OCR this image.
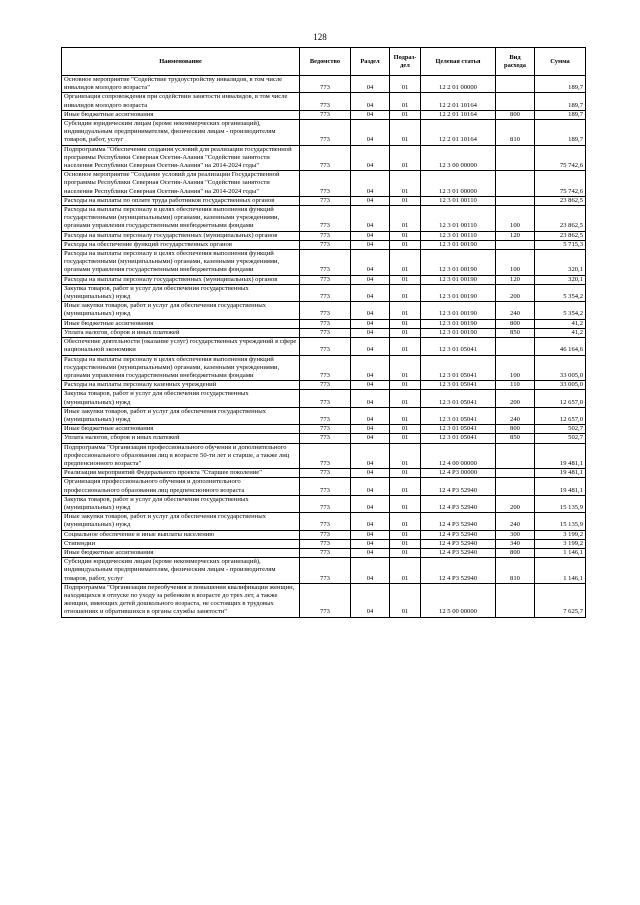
128
Наименование	Ведомство	Раздел	Подраз-
дел	Целевая статья	Вид расхода	Сумма
Основное мероприятие "Содействие трудоустройству инвалидов, в том числе инвалидов молодого возраста"	773	04	01	12 2 01 00000		189,7
Организация сопровождения при содействии занятости инвалидов, в том числе инвалидов молодого возраста	773	04	01	12 2 01 10164		189,7
Иные бюджетные ассигнования	773	04	01	12 2 01 10164	800	189,7
Субсидии юридическим лицам (кроме некоммерческих организаций), индивидуальным предпринимателям, физическим лицам - производителям товаров, работ, услуг	773	04	01	12 2 01 10164	810	189,7
Подпрограмма "Обеспечение создания условий для реализации государственной программы Республики Северная Осетия-Алания "Содействие занятости населения Республики Северная Осетия-Алания" на 2014-2024 годы"	773	04	01	12 3 00 00000		75 742,6
Основное мероприятие "Создание условий для реализации Государственной программы Республики Северная Осетия-Алания "Содействие занятости населения Республики Северная Осетия-Алания" на 2014-2024 годы"	773	04	01	12 3 01 00000		75 742,6
Расходы на выплаты по оплате труда работников государственных органов	773	04	01	12 3 01 00110		23 862,5
Расходы на выплаты персоналу в целях обеспечения выполнения функций государственными (муниципальными) органами, казенными учреждениями, органами управления государственными внебюджетными фондами	773	04	01	12 3 01 00110	100	23 862,5
Расходы на выплаты персоналу государственных (муниципальных) органов	773	04	01	12 3 01 00110	120	23 862,5
Расходы на обеспечение функций государственных органов	773	04	01	12 3 01 00190		5 715,3
Расходы на выплаты персоналу в целях обеспечения выполнения функций государственными (муниципальными) органами, казенными учреждениями, органами управления государственными внебюджетными фондами	773	04	01	12 3 01 00190	100	320,1
Расходы на выплаты персоналу государственных (муниципальных) органов	773	04	01	12 3 01 00190	120	320,1
Закупка товаров, работ и услуг для обеспечения государственных (муниципальных) нужд	773	04	01	12 3 01 00190	200	5 354,2
Иные закупки товаров, работ и услуг для обеспечения государственных (муниципальных) нужд	773	04	01	12 3 01 00190	240	5 354,2
Иные бюджетные ассигнования	773	04	01	12 3 01 00190	800	41,2
Уплата налогов, сборов и иных платежей	773	04	01	12 3 01 00190	850	41,2
Обеспечение деятельности (оказание услуг) государственных учреждений в сфере национальной экономики	773	04	01	12 3 01 05041		46 164,6
Расходы на выплаты персоналу в целях обеспечения выполнения функций государственными (муниципальными) органами, казенными учреждениями, органами управления государственными внебюджетными фондами	773	04	01	12 3 01 05041	100	33 005,0
Расходы на выплаты персоналу казенных учреждений	773	04	01	12 3 01 05041	110	33 005,0
Закупка товаров, работ и услуг для обеспечения государственных (муниципальных) нужд	773	04	01	12 3 01 05041	200	12 657,0
Иные закупки товаров, работ и услуг для обеспечения государственных (муниципальных) нужд	773	04	01	12 3 01 05041	240	12 657,0
Иные бюджетные ассигнования	773	04	01	12 3 01 05041	800	502,7
Уплата налогов, сборов и иных платежей	773	04	01	12 3 01 05041	850	502,7
Подпрограмма "Организация профессионального обучения и дополнительного профессионального образования лиц в возрасте 50-ти лет и старше, а также лиц предпенсионного возраста"	773	04	01	12 4 00 00000		19 481,1
Реализация мероприятий Федерального проекта "Старшее поколение"	773	04	01	12 4 P3 00000		19 481,1
Организация профессионального обучения и дополнительного профессионального образования лиц предпенсионного возраста	773	04	01	12 4 P3 52940		19 481,1
Закупка товаров, работ и услуг для обеспечения государственных (муниципальных) нужд	773	04	01	12 4 P3 52940	200	15 135,9
Иные закупки товаров, работ и услуг для обеспечения государственных (муниципальных) нужд	773	04	01	12 4 P3 52940	240	15 135,9
Социальное обеспечение и иные выплаты населению	773	04	01	12 4 P3 52940	300	3 199,2
Стипендии	773	04	01	12 4 P3 52940	340	3 199,2
Иные бюджетные ассигнования	773	04	01	12 4 P3 52940	800	1 146,1
Субсидии юридическим лицам (кроме некоммерческих организаций), индивидуальным предпринимателям, физическим лицам - производителям товаров, работ, услуг	773	04	01	12 4 P3 52940	810	1 146,1
Подпрограмма "Организация переобучения и повышения квалификации женщин, находящихся в отпуске по уходу за ребенком в возрасте до трех лет, а также женщин, имеющих детей дошкольного возраста, не состоящих в трудовых отношениях и обратившихся в органы службы занятости"	773	04	01	12 5 00 00000		7 625,7
